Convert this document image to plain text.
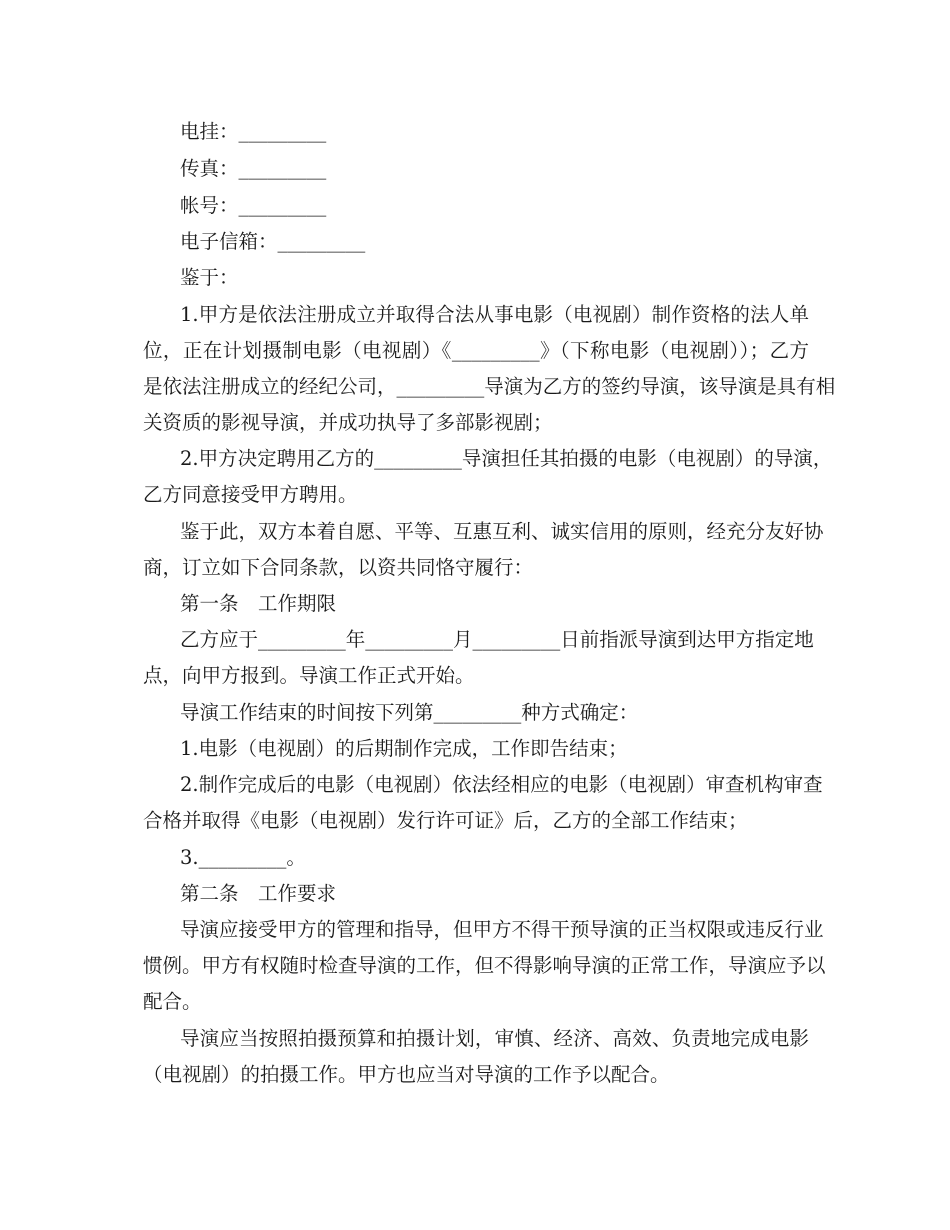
电挂：_________
传真：_________
帐号：_________
电子信箱：_________
鉴于：
1.甲方是依法注册成立并取得合法从事电影（电视剧）制作资格的法人单
位，正在计划摄制电影（电视剧）《_________》（下称电影（电视剧））；乙方
是依法注册成立的经纪公司，_________导演为乙方的签约导演，该导演是具有相
关资质的影视导演，并成功执导了多部影视剧；
2.甲方决定聘用乙方的_________导演担任其拍摄的电影（电视剧）的导演，
乙方同意接受甲方聘用。
鉴于此，双方本着自愿、平等、互惠互利、诚实信用的原则，经充分友好协
商，订立如下合同条款，以资共同恪守履行：
第一条　工作期限
乙方应于_________年_________月_________日前指派导演到达甲方指定地
点，向甲方报到。导演工作正式开始。
导演工作结束的时间按下列第_________种方式确定：
1.电影（电视剧）的后期制作完成，工作即告结束；
2.制作完成后的电影（电视剧）依法经相应的电影（电视剧）审查机构审查
合格并取得《电影（电视剧）发行许可证》后，乙方的全部工作结束；
3._________。
第二条　工作要求
导演应接受甲方的管理和指导，但甲方不得干预导演的正当权限或违反行业
惯例。甲方有权随时检查导演的工作，但不得影响导演的正常工作，导演应予以
配合。
导演应当按照拍摄预算和拍摄计划，审慎、经济、高效、负责地完成电影
（电视剧）的拍摄工作。甲方也应当对导演的工作予以配合。
